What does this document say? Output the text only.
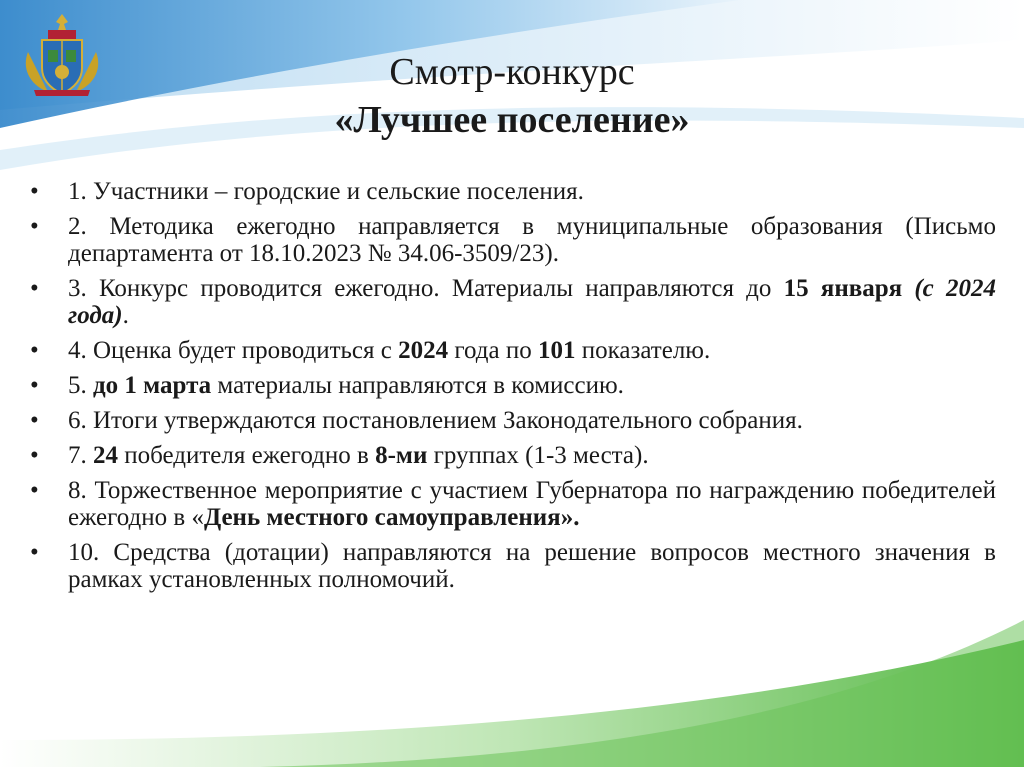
Смотр-конкурс
«Лучшее поселение»
• 1. Участники – городские и сельские поселения.
• 2. Методика ежегодно направляется в муниципальные образования (Письмо департамента от 18.10.2023 № 34.06-3509/23).
• 3. Конкурс проводится ежегодно. Материалы направляются до 15 января (с 2024 года).
• 4. Оценка будет проводиться с 2024 года по 101 показателю.
• 5. до 1 марта материалы направляются в комиссию.
• 6. Итоги утверждаются постановлением Законодательного собрания.
• 7. 24 победителя ежегодно в 8-ми группах (1-3 места).
• 8. Торжественное мероприятие с участием Губернатора по награждению победителей ежегодно в «День местного самоуправления».
• 10. Средства (дотации) направляются на решение вопросов местного значения в рамках установленных полномочий.
